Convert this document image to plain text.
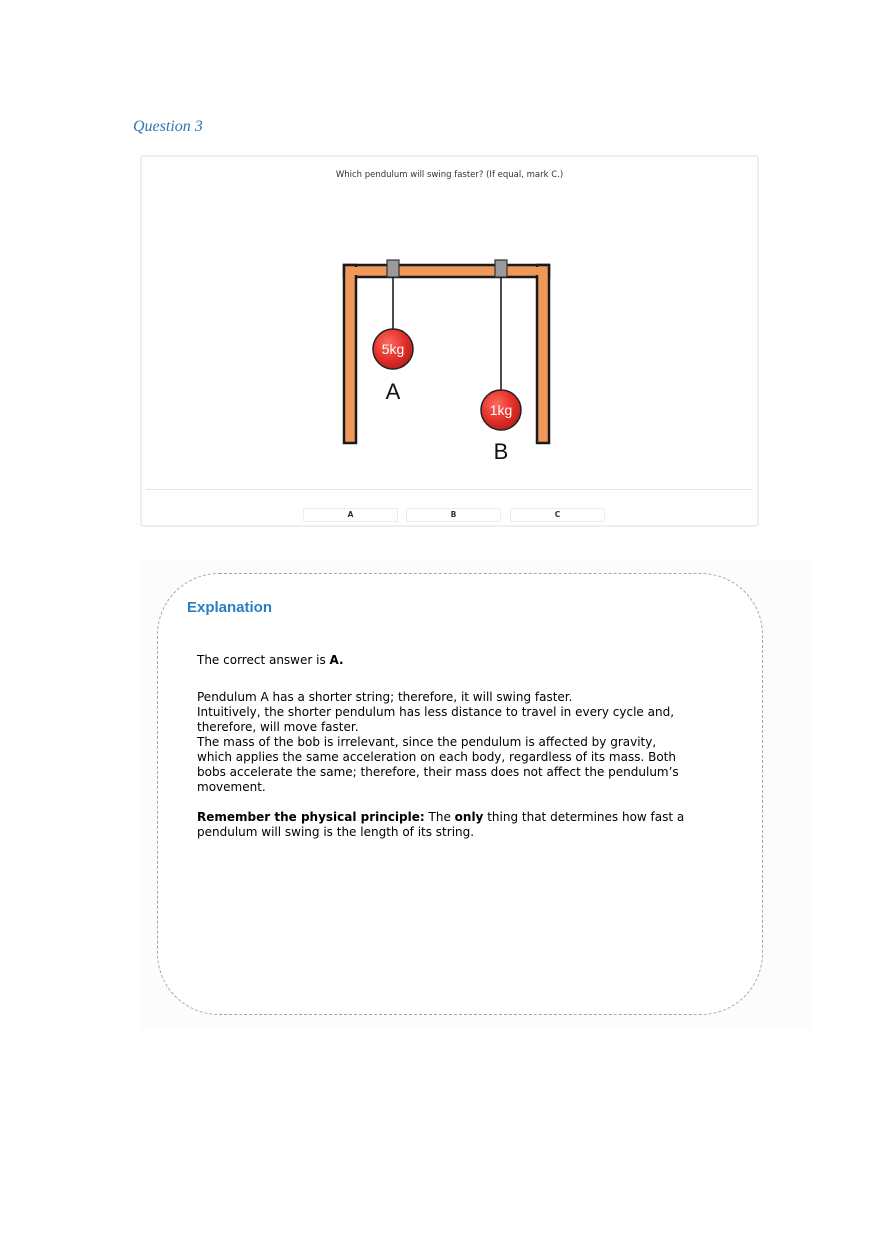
Question 3
Which pendulum will swing faster? (If equal, mark C.)
5kg
1kg
A
B
A	B	C
Explanation

The correct answer is A.

Pendulum A has a shorter string; therefore, it will swing faster.

Intuitively, the shorter pendulum has less distance to travel in every cycle and,

therefore, will move faster.

The mass of the bob is irrelevant, since the pendulum is affected by gravity,

which applies the same acceleration on each body, regardless of its mass. Both

bobs accelerate the same; therefore, their mass does not affect the pendulum’s

movement.

Remember the physical principle: The only thing that determines how fast a

pendulum will swing is the length of its string.
